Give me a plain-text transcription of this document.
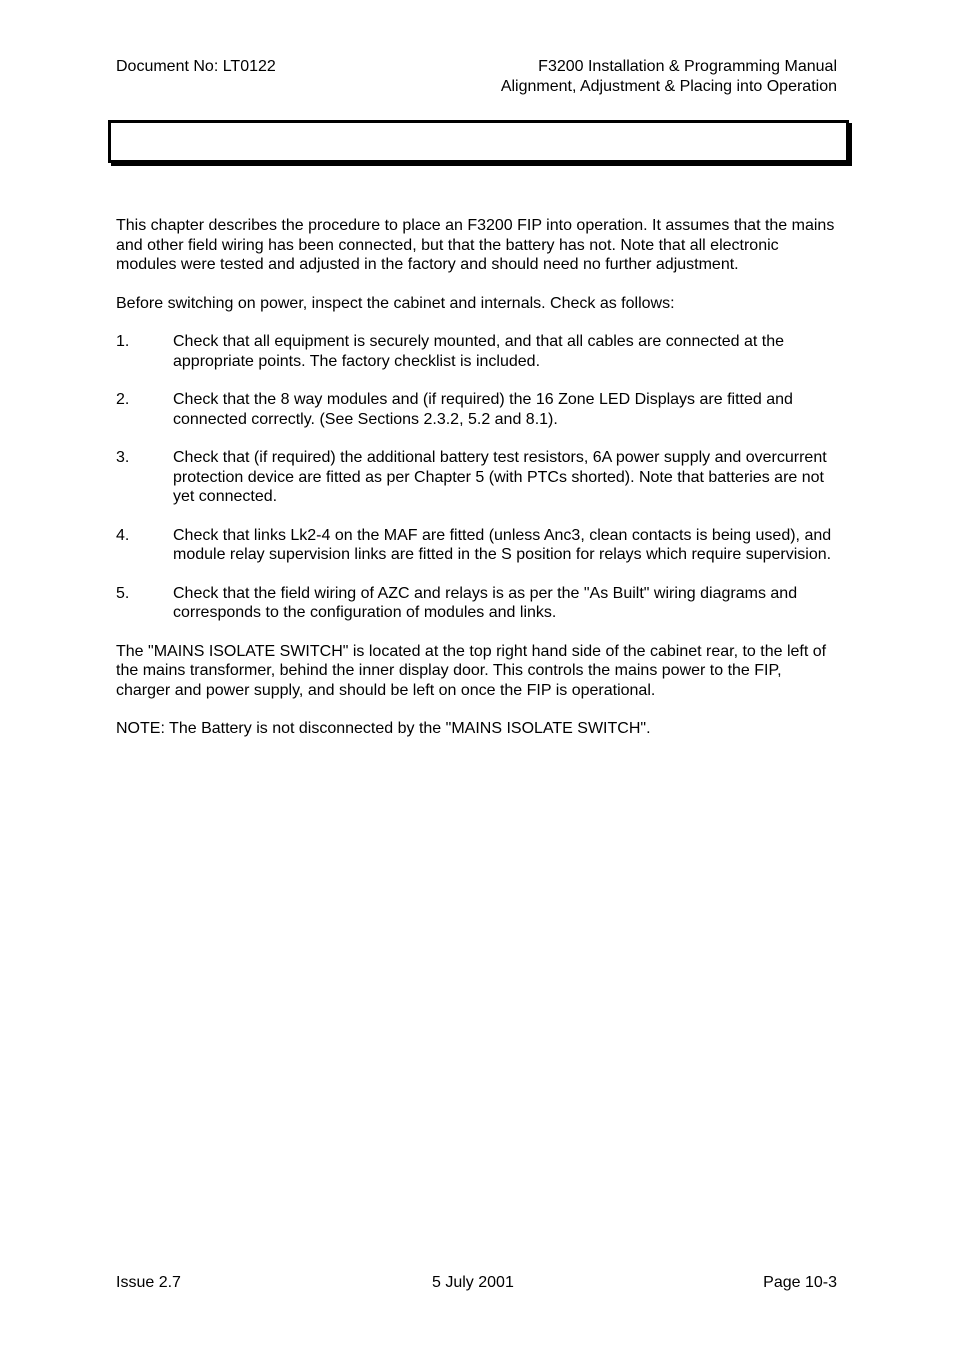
Document No: LT0122	F3200 Installation & Programming Manual
Alignment, Adjustment & Placing into Operation

This chapter describes the procedure to place an F3200 FIP into operation. It assumes that the mains and other field wiring has been connected, but that the battery has not. Note that all electronic modules were tested and adjusted in the factory and should need no further adjustment.

Before switching on power, inspect the cabinet and internals. Check as follows:

1.	Check that all equipment is securely mounted, and that all cables are connected at the appropriate points. The factory checklist is included.
2.	Check that the 8 way modules and (if required) the 16 Zone LED Displays are fitted and connected correctly. (See Sections 2.3.2, 5.2 and 8.1).
3.	Check that (if required) the additional battery test resistors, 6A power supply and overcurrent protection device are fitted as per Chapter 5 (with PTCs shorted). Note that batteries are not yet connected.
4.	Check that links Lk2-4 on the MAF are fitted (unless Anc3, clean contacts is being used), and module relay supervision links are fitted in the S position for relays which require supervision.
5.	Check that the field wiring of AZC and relays is as per the "As Built" wiring diagrams and corresponds to the configuration of modules and links.

The "MAINS ISOLATE SWITCH" is located at the top right hand side of the cabinet rear, to the left of the mains transformer, behind the inner display door. This controls the mains power to the FIP, charger and power supply, and should be left on once the FIP is operational.

NOTE: The Battery is not disconnected by the "MAINS ISOLATE SWITCH".

Issue 2.7	5 July 2001	Page 10-3
